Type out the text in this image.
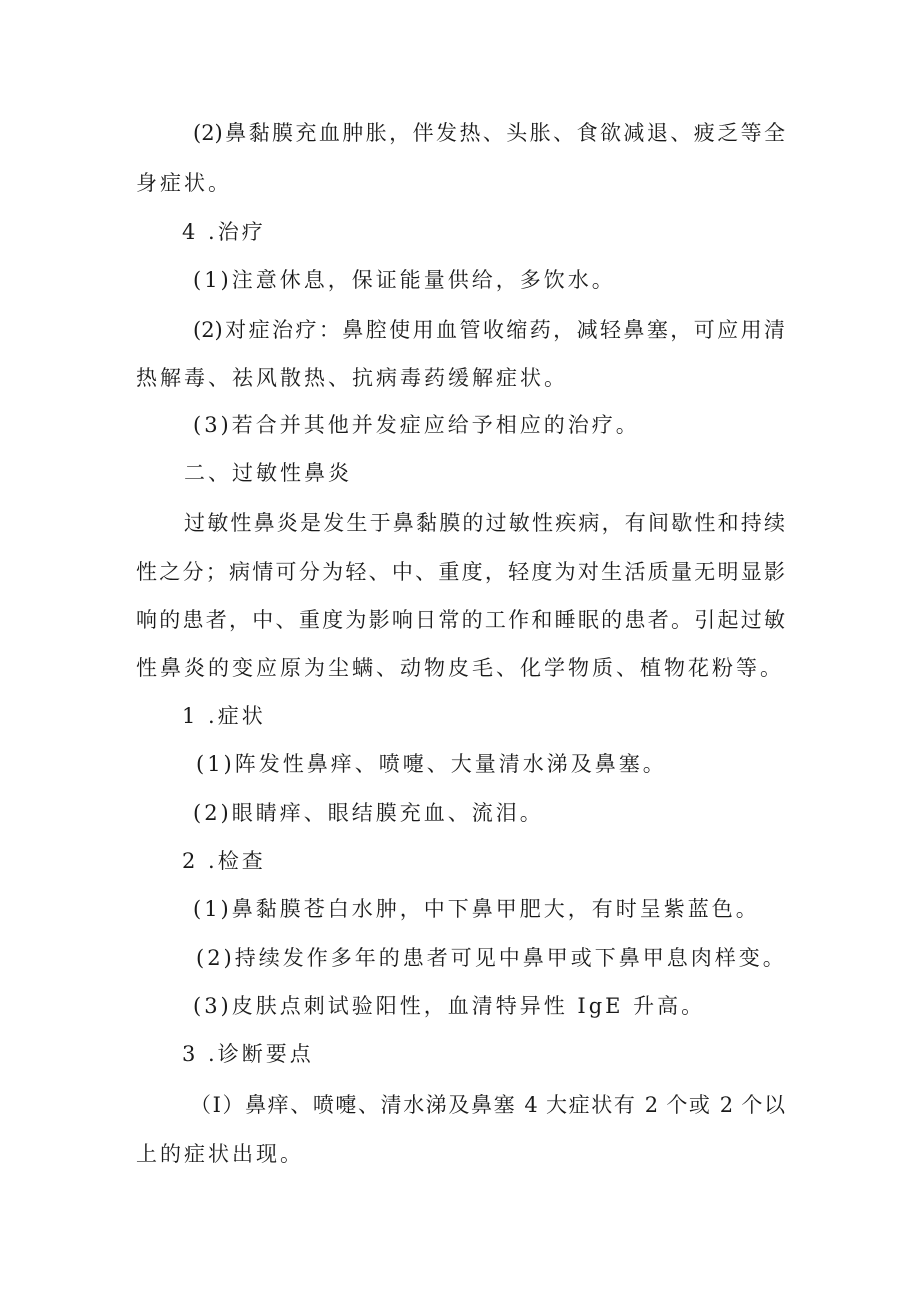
(2)鼻黏膜充血肿胀，伴发热、头胀、食欲减退、疲乏等全
身症状。
4 .治疗
(1)注意休息，保证能量供给，多饮水。
(2)对症治疗：鼻腔使用血管收缩药，减轻鼻塞，可应用清
热解毒、祛风散热、抗病毒药缓解症状。
(3)若合并其他并发症应给予相应的治疗。
二、过敏性鼻炎
过敏性鼻炎是发生于鼻黏膜的过敏性疾病，有间歇性和持续
性之分；病情可分为轻、中、重度，轻度为对生活质量无明显影
响的患者，中、重度为影响日常的工作和睡眠的患者。引起过敏
性鼻炎的变应原为尘螨、动物皮毛、化学物质、植物花粉等。
1 .症状
(1)阵发性鼻痒、喷嚏、大量清水涕及鼻塞。
(2)眼睛痒、眼结膜充血、流泪。
2 .检查
(1)鼻黏膜苍白水肿，中下鼻甲肥大，有时呈紫蓝色。
(2)持续发作多年的患者可见中鼻甲或下鼻甲息肉样变。
(3)皮肤点刺试验阳性，血清特异性 IgE 升高。
3 .诊断要点
（I）鼻痒、喷嚏、清水涕及鼻塞 4 大症状有 2 个或 2 个以
上的症状出现。
